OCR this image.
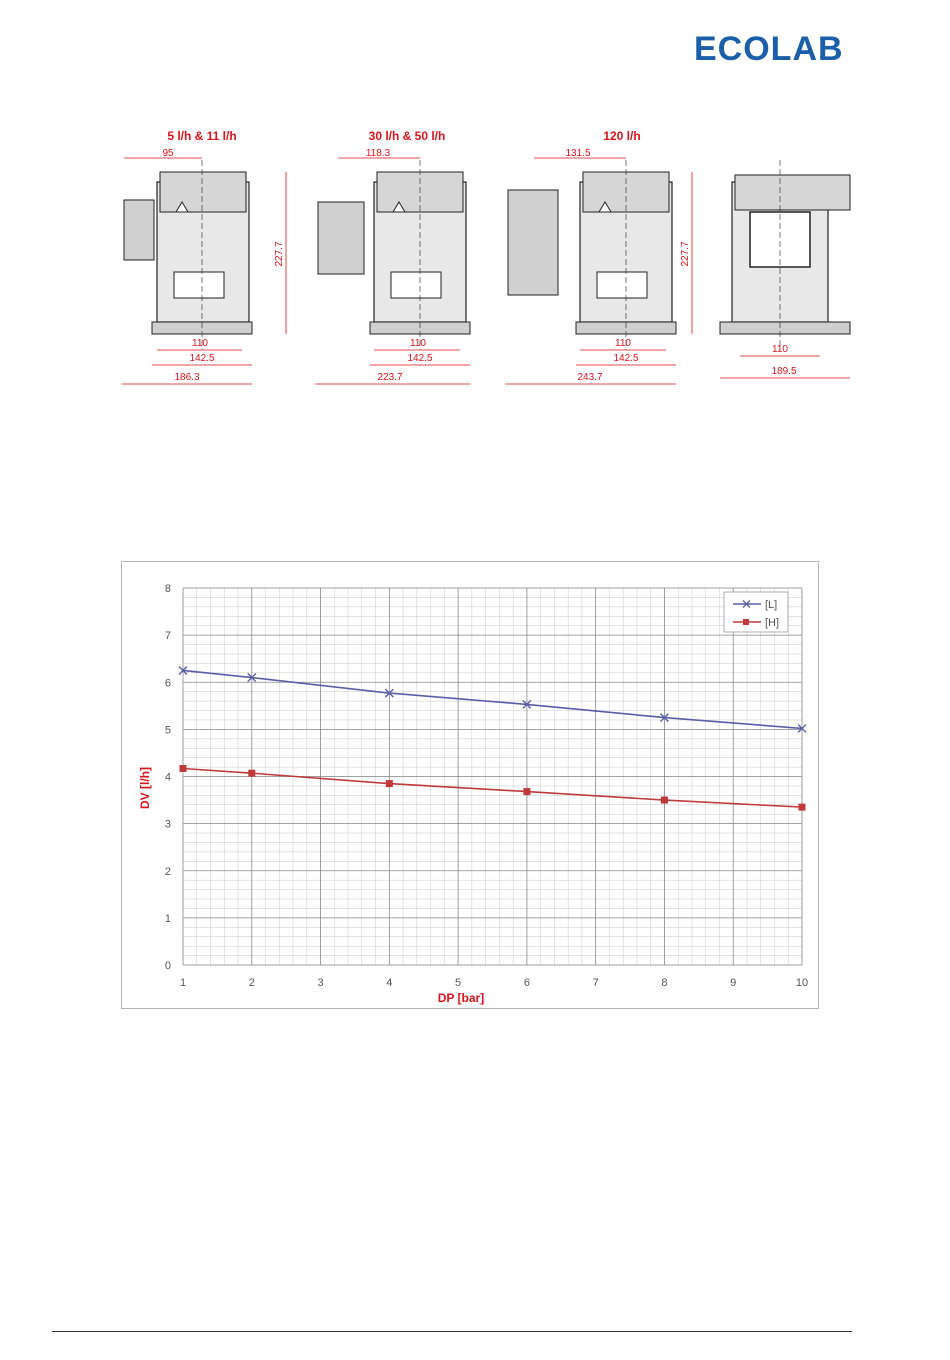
ECOLAB
5 l/h & 11 l/h
95
227.7
110
142.5
186.3
30 l/h & 50 l/h
118.3
110
142.5
223.7
120 l/h
131.5
227.7
110
142.5
243.7
110
189.5
0
1
2
3
4
5
6
7
8
1	2	3	4	5	6	7	8	9	10
DV [l/h]
DP [bar]
[L]
[H]
